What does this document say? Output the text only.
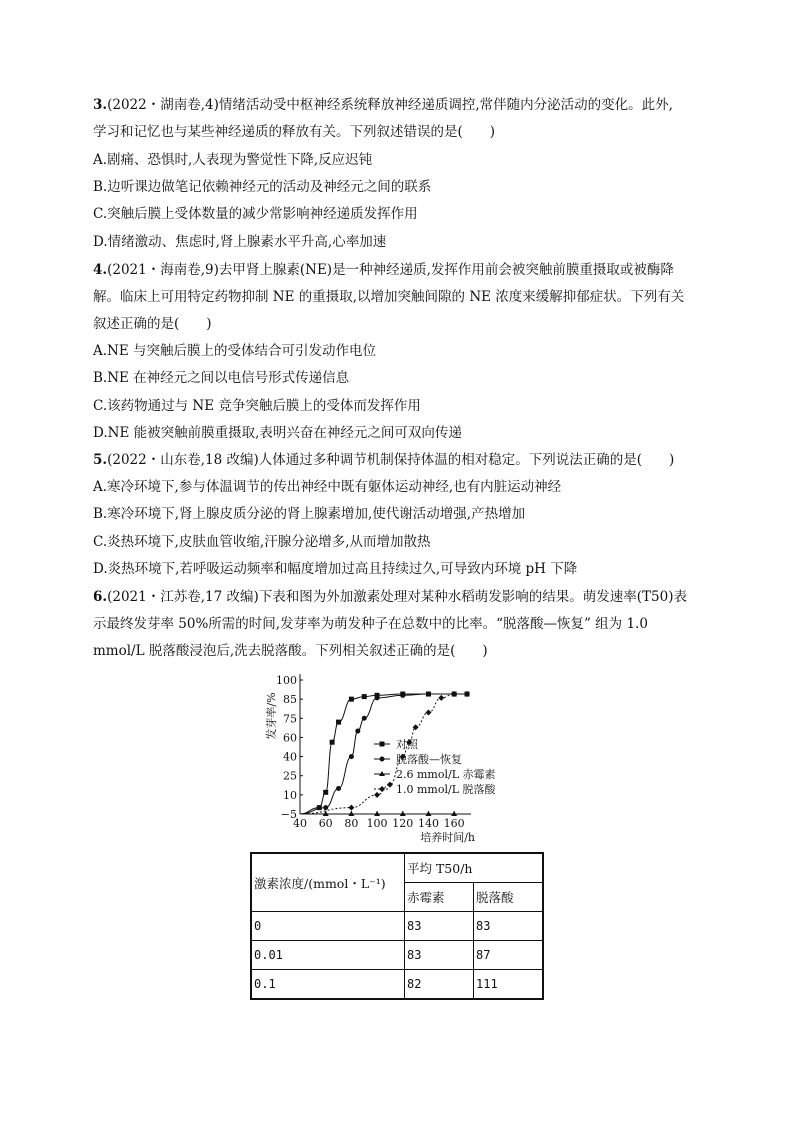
3.(2022・湖南卷,4)情绪活动受中枢神经系统释放神经递质调控,常伴随内分泌活动的变化。此外,
学习和记忆也与某些神经递质的释放有关。下列叙述错误的是(　　)
A.剧痛、恐惧时,人表现为警觉性下降,反应迟钝
B.边听课边做笔记依赖神经元的活动及神经元之间的联系
C.突触后膜上受体数量的减少常影响神经递质发挥作用
D.情绪激动、焦虑时,肾上腺素水平升高,心率加速
4.(2021・海南卷,9)去甲肾上腺素(NE)是一种神经递质,发挥作用前会被突触前膜重摄取或被酶降
解。临床上可用特定药物抑制 NE 的重摄取,以增加突触间隙的 NE 浓度来缓解抑郁症状。下列有关
叙述正确的是(　　)
A.NE 与突触后膜上的受体结合可引发动作电位
B.NE 在神经元之间以电信号形式传递信息
C.该药物通过与 NE 竞争突触后膜上的受体而发挥作用
D.NE 能被突触前膜重摄取,表明兴奋在神经元之间可双向传递
5.(2022・山东卷,18 改编)人体通过多种调节机制保持体温的相对稳定。下列说法正确的是(　　)
A.寒冷环境下,参与体温调节的传出神经中既有躯体运动神经,也有内脏运动神经
B.寒冷环境下,肾上腺皮质分泌的肾上腺素增加,使代谢活动增强,产热增加
C.炎热环境下,皮肤血管收缩,汗腺分泌增多,从而增加散热
D.炎热环境下,若呼吸运动频率和幅度增加过高且持续过久,可导致内环境 pH 下降
6.(2021・江苏卷,17 改编)下表和图为外加激素处理对某种水稻萌发影响的结果。萌发速率(T50)表
示最终发芽率 50%所需的时间,发芽率为萌发种子在总数中的比率。“脱落酸—恢复” 组为 1.0
mmol/L 脱落酸浸泡后,洗去脱落酸。下列相关叙述正确的是(　　)
−5
10
25
40
60
75
85
100
40 60 80 100 120 140 160
发芽率/%
培养时间/h
对照
脱落酸—恢复
2.6 mmol/L 赤霉素
1.0 mmol/L 脱落酸
激素浓度/(mmol・L⁻¹)	平均 T50/h	
	赤霉素	脱落酸
0	83	83
0.01	83	87
0.1	82	111
